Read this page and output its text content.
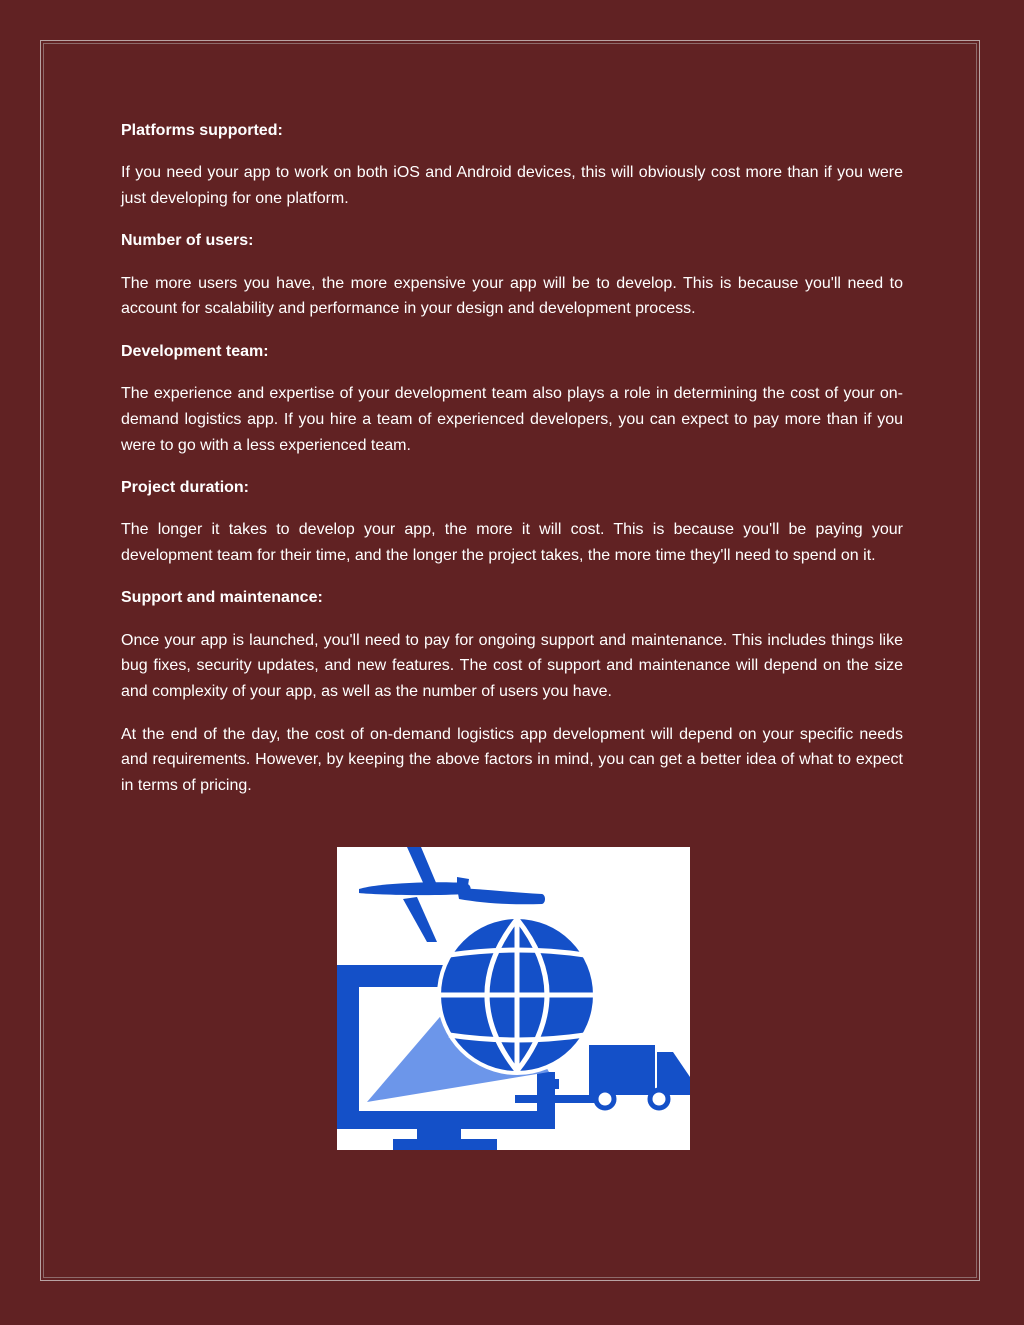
Platforms supported:
If you need your app to work on both iOS and Android devices, this will obviously cost more than if you were just developing for one platform.
Number of users:
The more users you have, the more expensive your app will be to develop. This is because you'll need to account for scalability and performance in your design and development process.
Development team:
The experience and expertise of your development team also plays a role in determining the cost of your on-demand logistics app. If you hire a team of experienced developers, you can expect to pay more than if you were to go with a less experienced team.
Project duration:
The longer it takes to develop your app, the more it will cost. This is because you'll be paying your development team for their time, and the longer the project takes, the more time they'll need to spend on it.
Support and maintenance:
Once your app is launched, you'll need to pay for ongoing support and maintenance. This includes things like bug fixes, security updates, and new features. The cost of support and maintenance will depend on the size and complexity of your app, as well as the number of users you have.
At the end of the day, the cost of on-demand logistics app development will depend on your specific needs and requirements. However, by keeping the above factors in mind, you can get a better idea of what to expect in terms of pricing.
